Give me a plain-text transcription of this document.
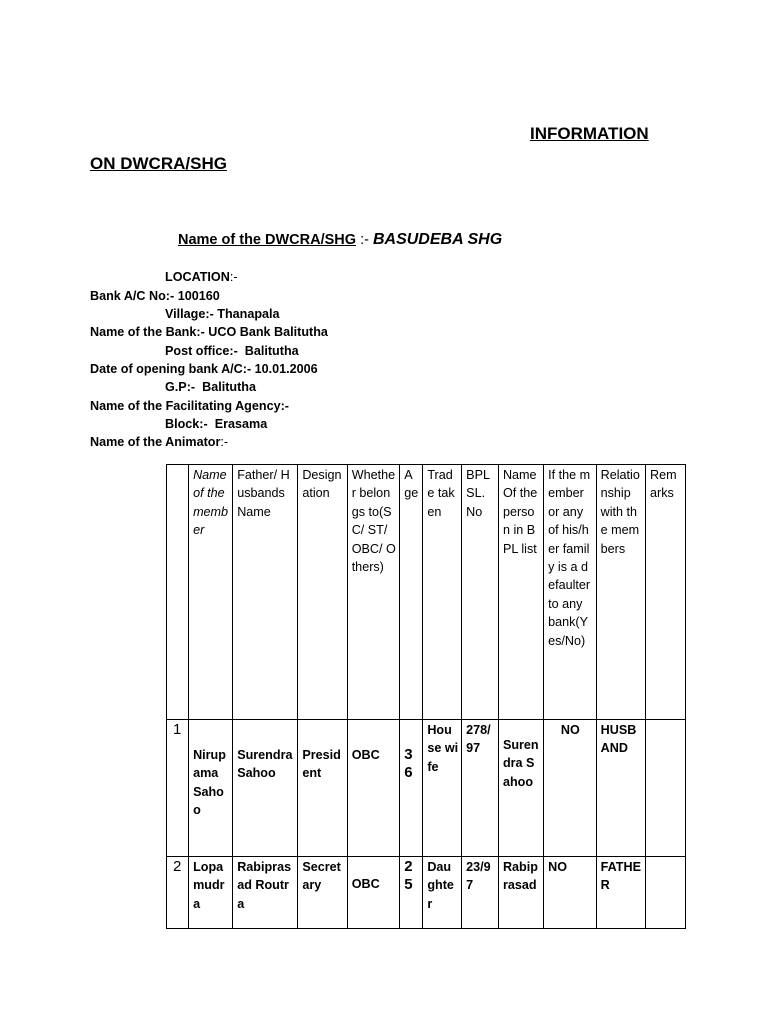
INFORMATION
ON DWCRA/SHG
Name of the DWCRA/SHG :- BASUDEBA SHG
LOCATION:-
Bank A/C No:- 100160
Village:- Thanapala
Name of the Bank:- UCO Bank Balitutha
Post office:- Balitutha
Date of opening bank A/C:- 10.01.2006
G.P:- Balitutha
Name of the Facilitating Agency:-
Block:- Erasama
Name of the Animator:-
	Name of the member	Father/ Husbands Name	Designation	Whether belongs to(SC/ ST/OBC/ Others)	Age	Trade taken	BPL SL. No	Name Of the person in BPL list	If the member or any of his/her family is a defaulter to any bank(Yes/No)	Relationship with the members	Remarks
1	Nirupama Sahoo	Surendra Sahoo	President	OBC	36	House wife	278/97	Surendra Sahoo	NO	HUSBAND	
2	Lopamudra	Rabiprasad Routra	Secretary	OBC	25	Daughter	23/97	Rabiprasad	NO	FATHER	
